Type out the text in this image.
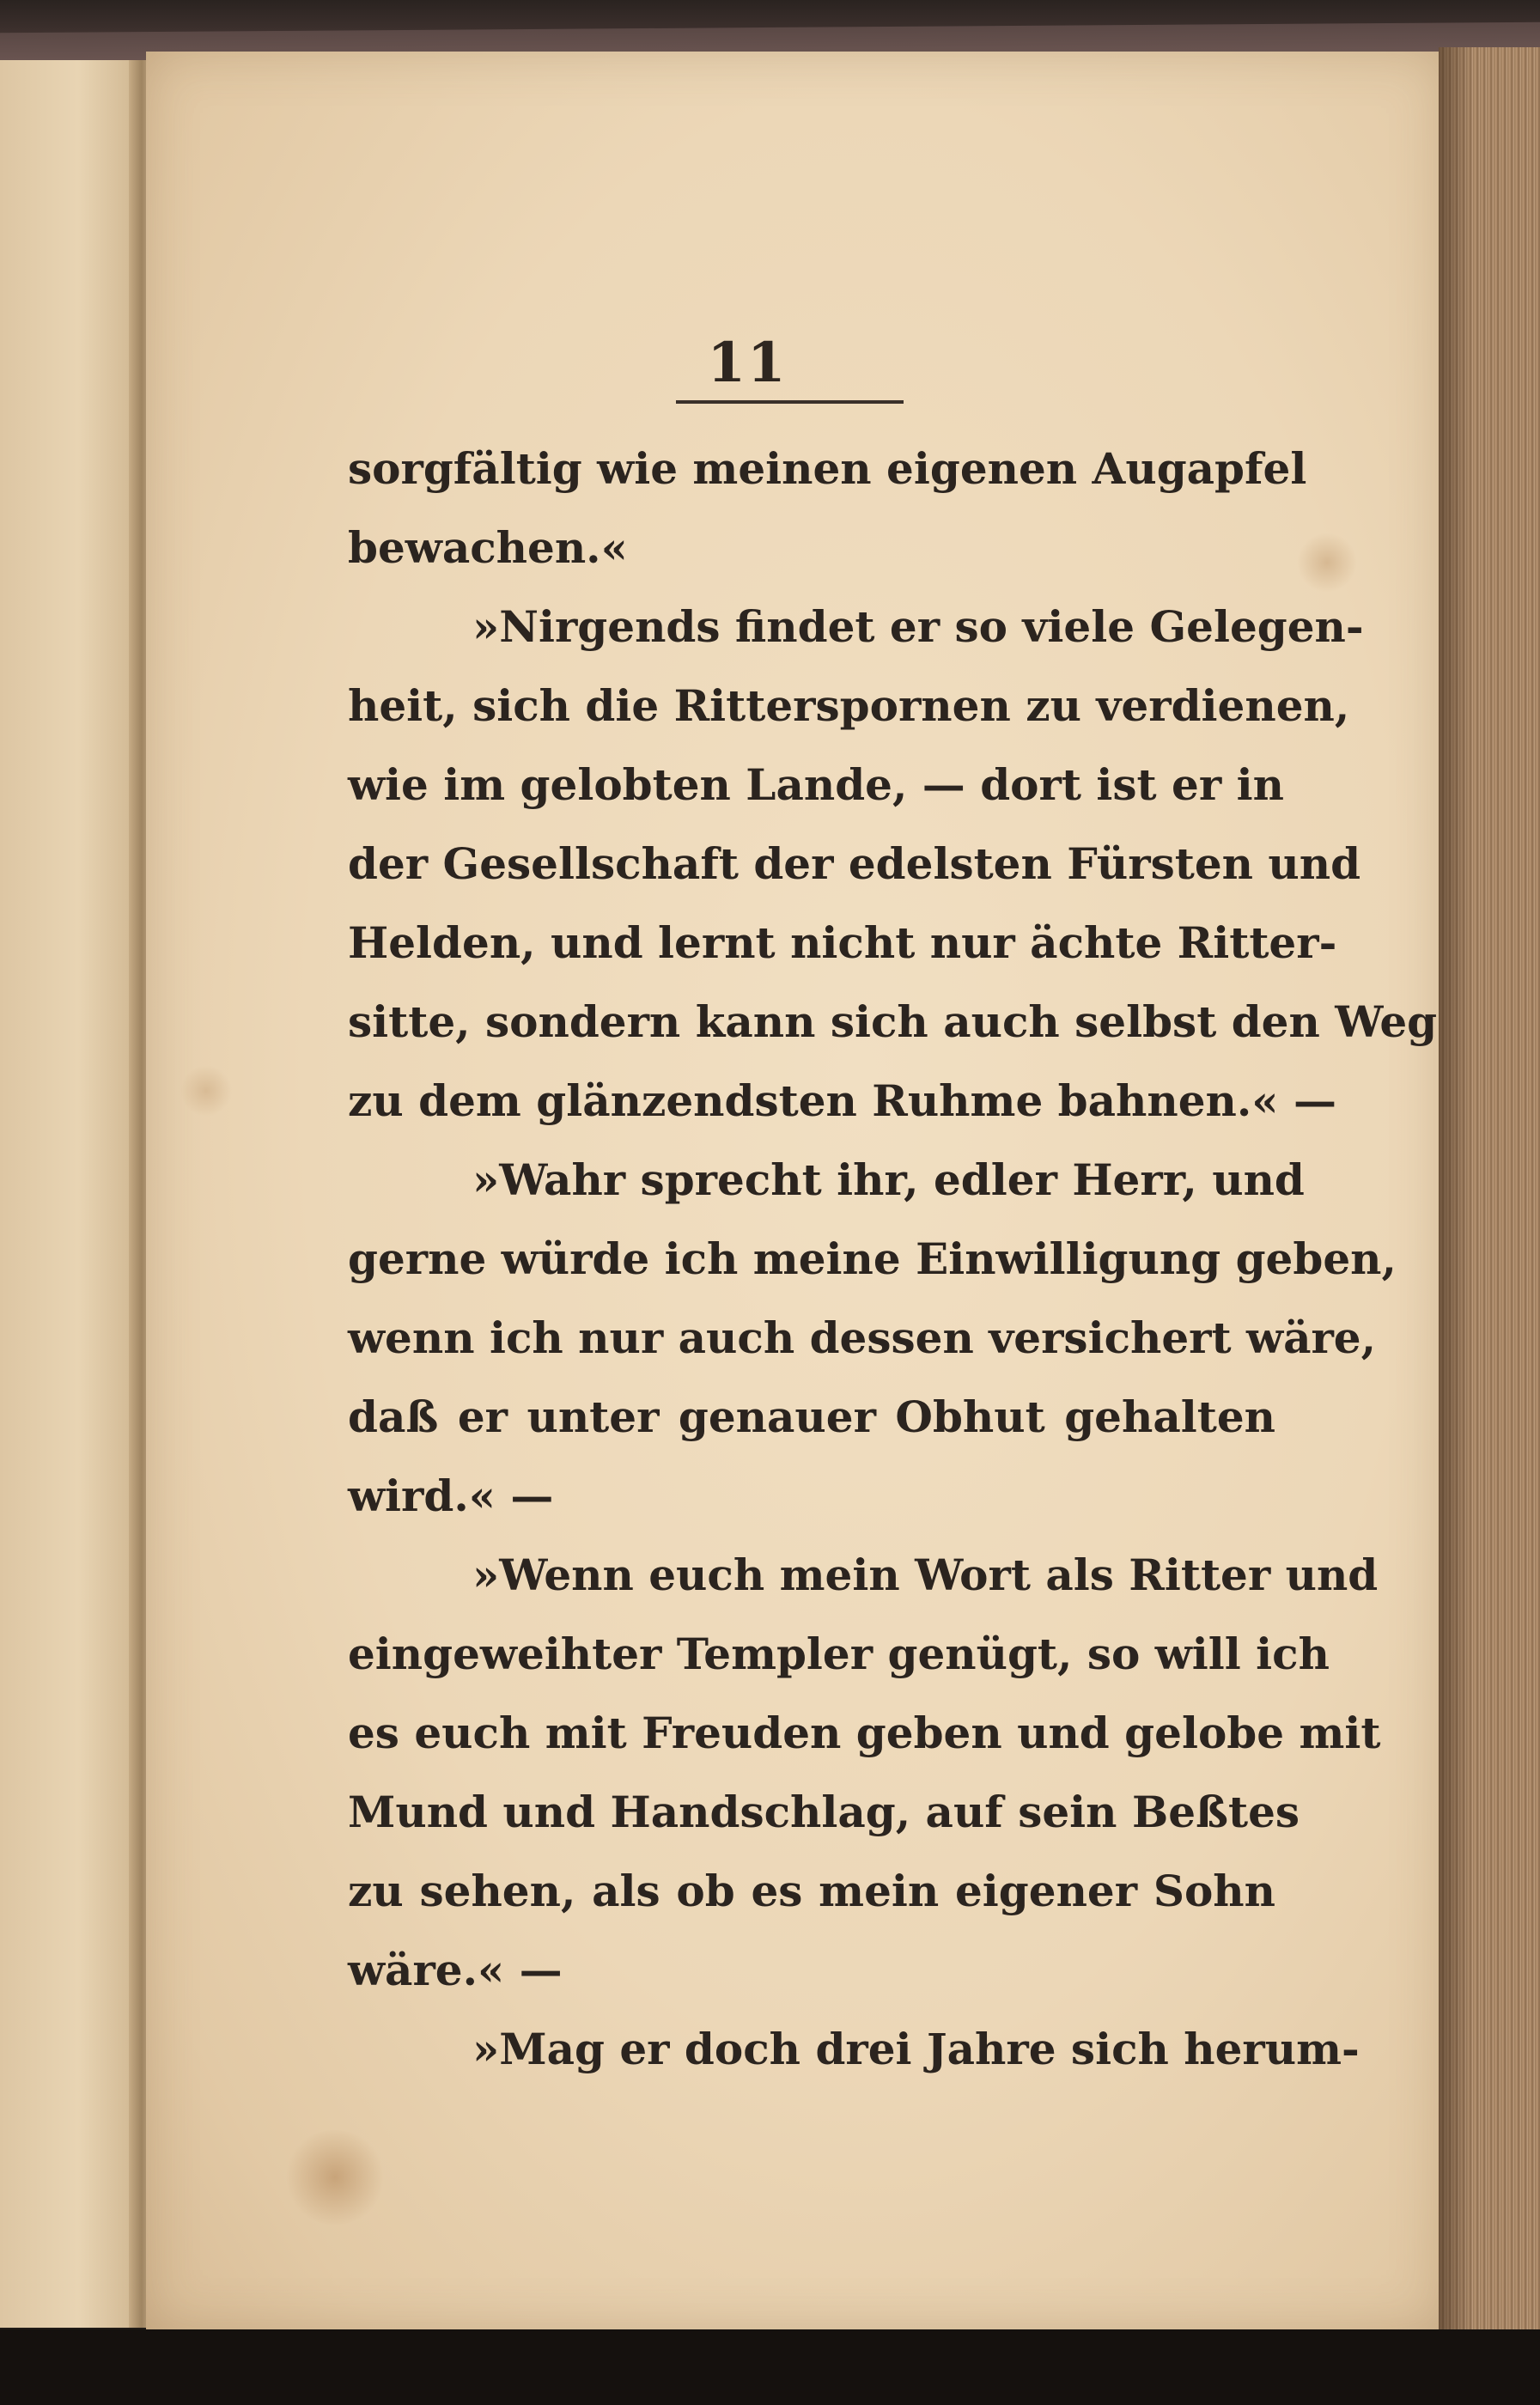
11
sorgfältig wie meinen eigenen Augapfel
bewachen.«
»Nirgends findet er so viele Gelegen-
heit, sich die Ritterspornen zu verdienen,
wie im gelobten Lande, — dort ist er in
der Gesellschaft der edelsten Fürsten und
Helden, und lernt nicht nur ächte Ritter-
sitte, sondern kann sich auch selbst den Weg
zu dem glänzendsten Ruhme bahnen.« —
»Wahr sprecht ihr, edler Herr, und
gerne würde ich meine Einwilligung geben,
wenn ich nur auch dessen versichert wäre,
daß er unter genauer Obhut gehalten
wird.« —
»Wenn euch mein Wort als Ritter und
eingeweihter Templer genügt, so will ich
es euch mit Freuden geben und gelobe mit
Mund und Handschlag, auf sein Beßtes
zu sehen, als ob es mein eigener Sohn
wäre.« —
»Mag er doch drei Jahre sich herum-
